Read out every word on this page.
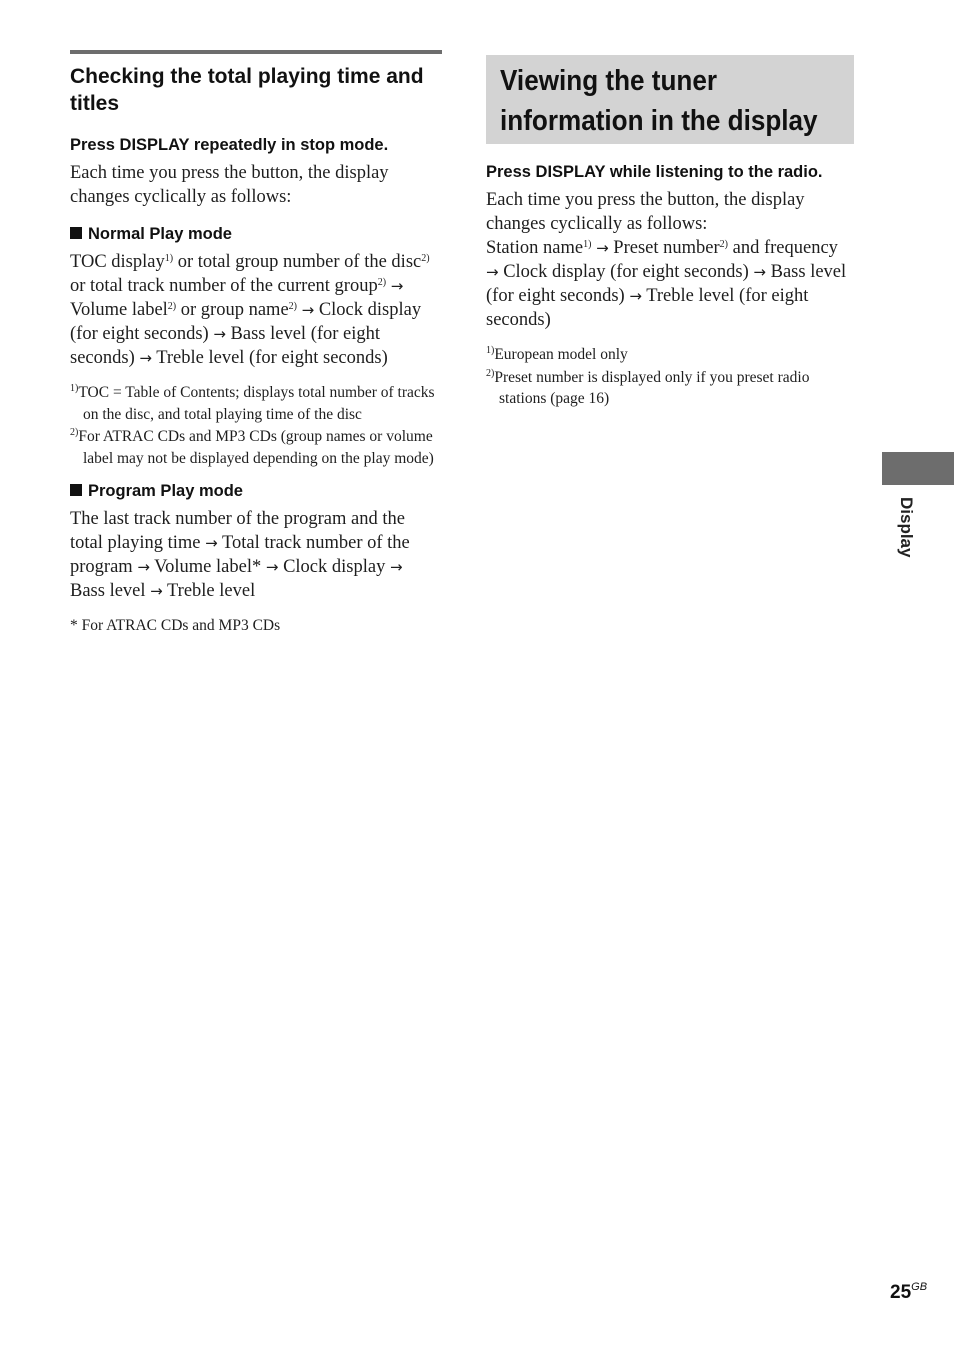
Checking the total playing time and titles

Press DISPLAY repeatedly in stop mode.

Each time you press the button, the display changes cyclically as follows:

Normal Play mode

TOC display$^{1)}$ or total group number of the disc$^{2)}$ or total track number of the current group$^{2)}$ → Volume label$^{2)}$ or group name$^{2)}$ → Clock display (for eight seconds) → Bass level (for eight seconds) → Treble level (for eight seconds)

$^{1)}$TOC = Table of Contents; displays total number of tracks on the disc, and total playing time of the disc

$^{2)}$For ATRAC CDs and MP3 CDs (group names or volume label may not be displayed depending on the play mode)

Program Play mode

The last track number of the program and the total playing time → Total track number of the program → Volume label* → Clock display → Bass level → Treble level

* For ATRAC CDs and MP3 CDs

Viewing the tuner
information in the display

Press DISPLAY while listening to the radio.

Each time you press the button, the display changes cyclically as follows:

Station name$^{1)}$ → Preset number$^{2)}$ and frequency → Clock display (for eight seconds) → Bass level (for eight seconds) → Treble level (for eight seconds)

$^{1)}$European model only

$^{2)}$Preset number is displayed only if you preset radio stations (page 16)

Display
$25^{GB}$
